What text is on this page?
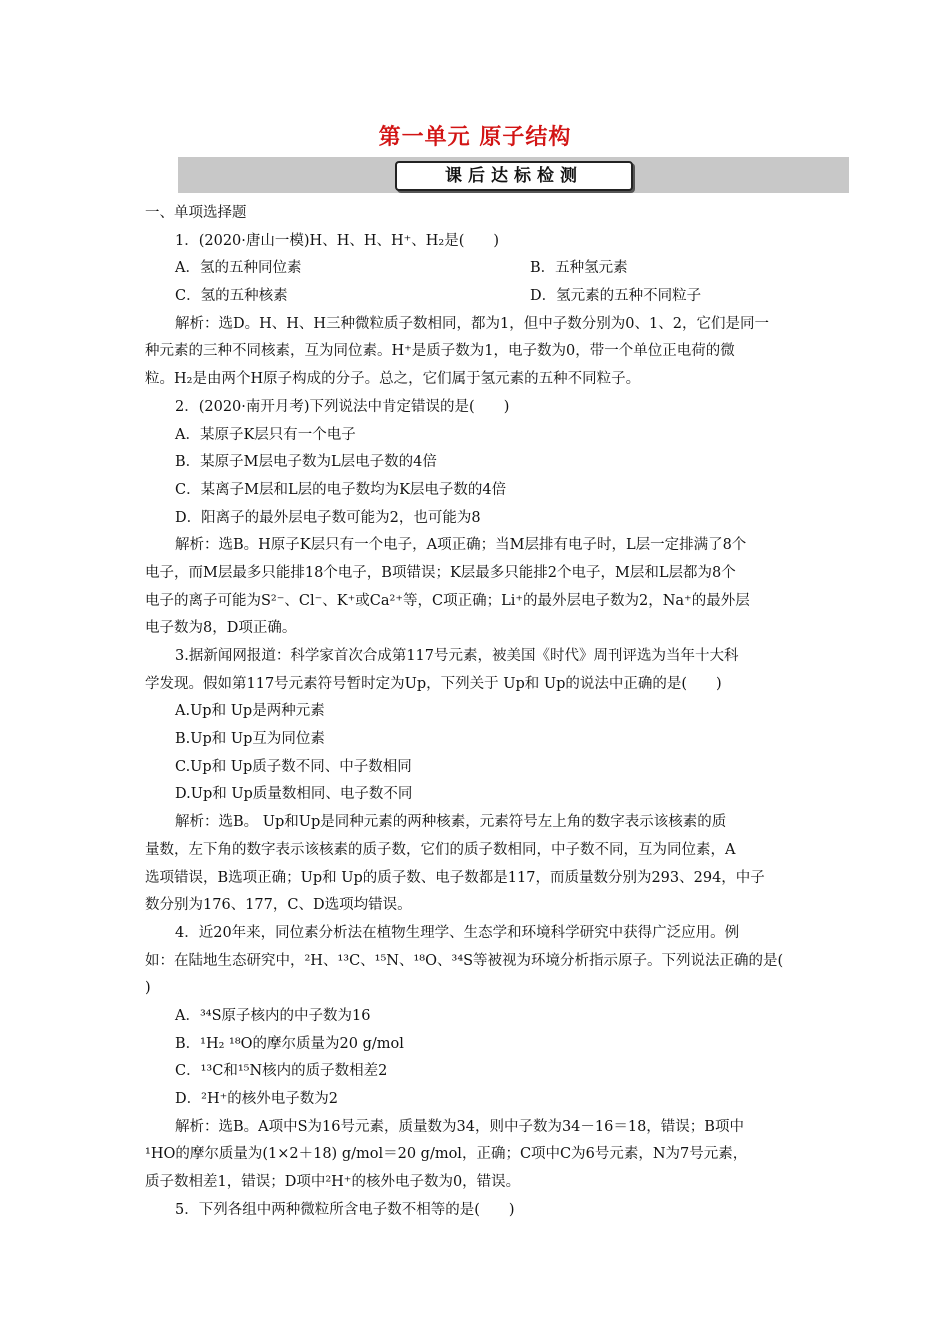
第一单元 原子结构
课后达标检测
一、单项选择题
1．(2020·唐山一模)H、H、H、H⁺、H₂是(　　)
A．氢的五种同位素	B．五种氢元素
C．氢的五种核素	D．氢元素的五种不同粒子
解析：选D。H、H、H三种微粒质子数相同，都为1，但中子数分别为0、1、2，它们是同一
种元素的三种不同核素，互为同位素。H⁺是质子数为1，电子数为0，带一个单位正电荷的微
粒。H₂是由两个H原子构成的分子。总之，它们属于氢元素的五种不同粒子。
2．(2020·南开月考)下列说法中肯定错误的是(　　)
A．某原子K层只有一个电子
B．某原子M层电子数为L层电子数的4倍
C．某离子M层和L层的电子数均为K层电子数的4倍
D．阳离子的最外层电子数可能为2，也可能为8
解析：选B。H原子K层只有一个电子，A项正确；当M层排有电子时，L层一定排满了8个
电子，而M层最多只能排18个电子，B项错误；K层最多只能排2个电子，M层和L层都为8个
电子的离子可能为S²⁻、Cl⁻、K⁺或Ca²⁺等，C项正确；Li⁺的最外层电子数为2，Na⁺的最外层
电子数为8，D项正确。
3.据新闻网报道：科学家首次合成第117号元素，被美国《时代》周刊评选为当年十大科
学发现。假如第117号元素符号暂时定为Up，下列关于 Up和 Up的说法中正确的是(　　)
A.Up和 Up是两种元素
B.Up和 Up互为同位素
C.Up和 Up质子数不同、中子数相同
D.Up和 Up质量数相同、电子数不同
解析：选B。 Up和Up是同种元素的两种核素，元素符号左上角的数字表示该核素的质
量数，左下角的数字表示该核素的质子数，它们的质子数相同，中子数不同，互为同位素，A
选项错误，B选项正确；Up和 Up的质子数、电子数都是117，而质量数分别为293、294，中子
数分别为176、177，C、D选项均错误。
4．近20年来，同位素分析法在植物生理学、生态学和环境科学研究中获得广泛应用。例
如：在陆地生态研究中，²H、¹³C、¹⁵N、¹⁸O、³⁴S等被视为环境分析指示原子。下列说法正确的是(
)
A．³⁴S原子核内的中子数为16
B．¹H₂ ¹⁸O的摩尔质量为20 g/mol
C．¹³C和¹⁵N核内的质子数相差2
D．²H⁺的核外电子数为2
解析：选B。A项中S为16号元素，质量数为34，则中子数为34－16＝18，错误；B项中
¹HO的摩尔质量为(1×2＋18) g/mol＝20 g/mol，正确；C项中C为6号元素，N为7号元素，
质子数相差1，错误；D项中²H⁺的核外电子数为0，错误。
5．下列各组中两种微粒所含电子数不相等的是(　　)
